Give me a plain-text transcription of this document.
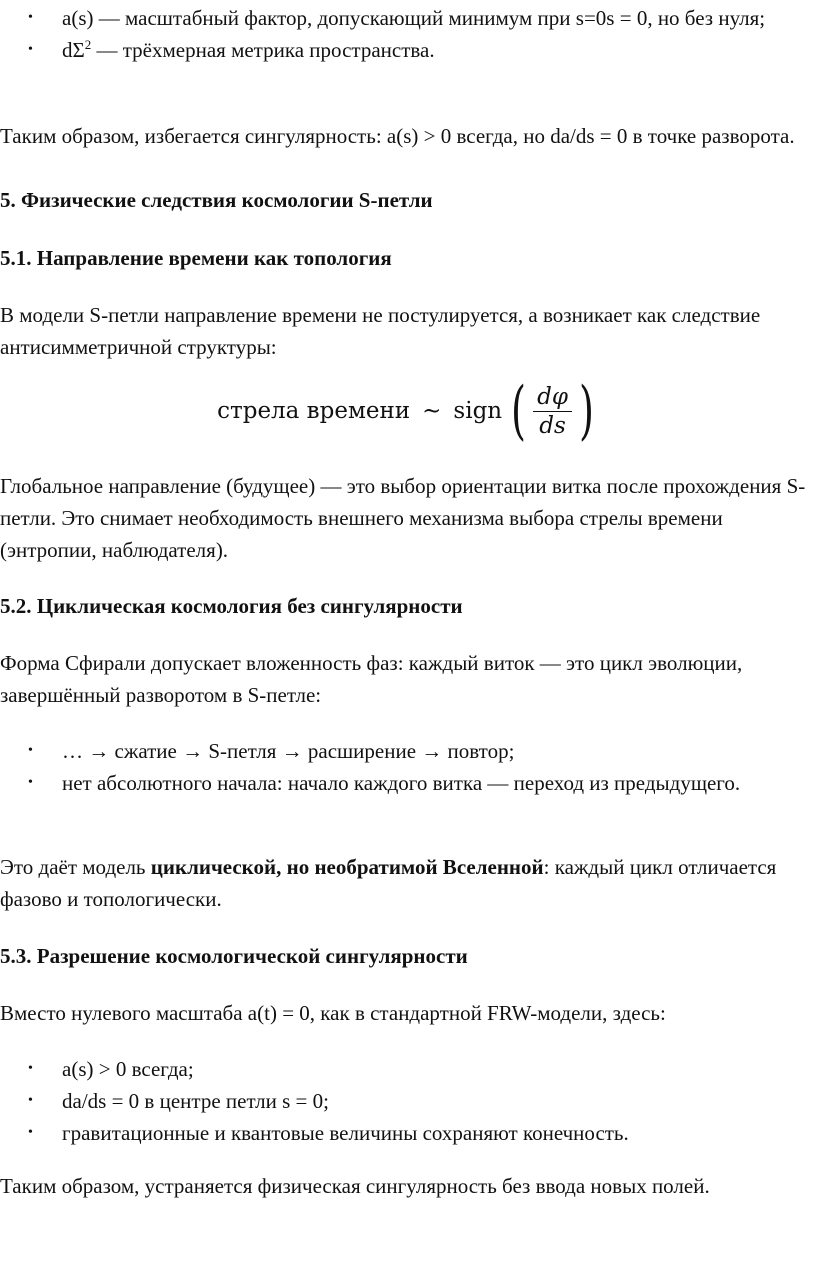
• a(s) — масштабный фактор, допускающий минимум при s=0s = 0, но без нуля;
• $d\Sigma^2$ — трёхмерная метрика пространства.

Таким образом, избегается сингулярность: a(s) > 0 всегда, но da/ds = 0 в точке разворота.

5. Физические следствия космологии S-петли
5.1. Направление времени как топология

В модели S-петли направление времени не постулируется, а возникает как следствие антисимметричной структуры:

стрела времени ∼ sign ( $\frac{d\varphi}{ds}$ )

Глобальное направление (будущее) — это выбор ориентации витка после прохождения S-петли. Это снимает необходимость внешнего механизма выбора стрелы времени (энтропии, наблюдателя).

5.2. Циклическая космология без сингулярности

Форма Сфирали допускает вложенность фаз: каждый виток — это цикл эволюции, завершённый разворотом в S-петле:

• … → сжатие → S-петля → расширение → повтор;
• нет абсолютного начала: начало каждого витка — переход из предыдущего.

Это даёт модель циклической, но необратимой Вселенной: каждый цикл отличается фазово и топологически.

5.3. Разрешение космологической сингулярности

Вместо нулевого масштаба a(t) = 0, как в стандартной FRW-модели, здесь:

• a(s) > 0 всегда;
• da/ds = 0 в центре петли s = 0;
• гравитационные и квантовые величины сохраняют конечность.

Таким образом, устраняется физическая сингулярность без ввода новых полей.
